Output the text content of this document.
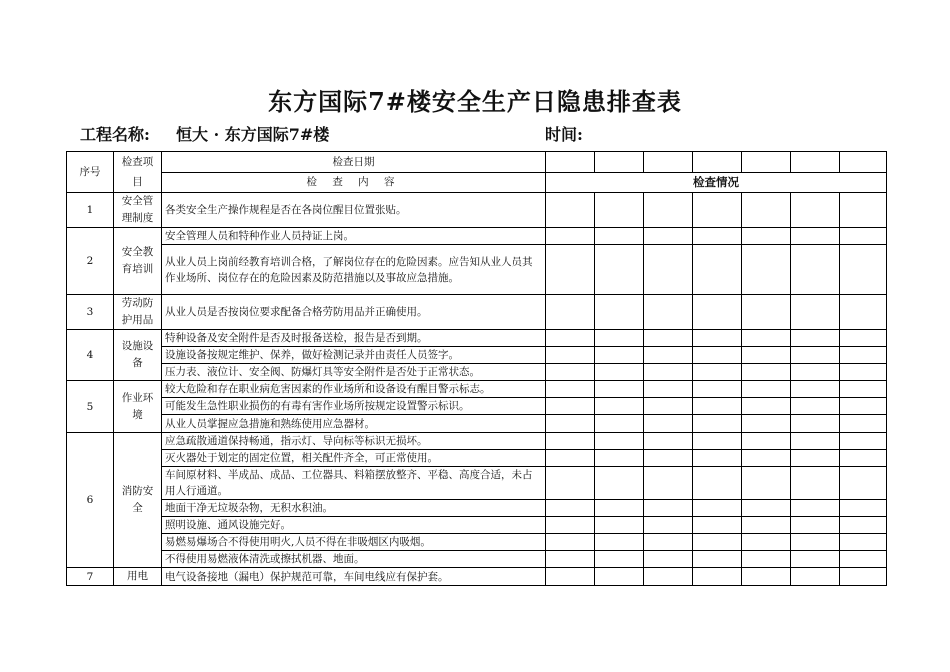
东方国际7#楼安全生产日隐患排查表
工程名称: 恒大 · 东方国际7#楼	时间:
序号	检查项目	检查日期							
		检 查 内 容	检查情况						
1	安全管理制度	各类安全生产操作规程是否在各岗位醒目位置张贴。							
2	安全教育培训	安全管理人员和特种作业人员持证上岗。							
		从业人员上岗前经教育培训合格，了解岗位存在的危险因素。应告知从业人员其作业场所、岗位存在的危险因素及防范措施以及事故应急措施。							
3	劳动防护用品	从业人员是否按岗位要求配备合格劳防用品并正确使用。							
4	设施设备	特种设备及安全附件是否及时报备送检，报告是否到期。							
		设施设备按规定维护、保养，做好检测记录并由责任人员签字。							
		压力表、液位计、安全阀、防爆灯具等安全附件是否处于正常状态。							
5	作业环境	较大危险和存在职业病危害因素的作业场所和设备设有醒目警示标志。							
		可能发生急性职业损伤的有毒有害作业场所按规定设置警示标识。							
		从业人员掌握应急措施和熟练使用应急器材。							
6	消防安全	应急疏散通道保持畅通，指示灯、导向标等标识无损坏。							
		灭火器处于划定的固定位置，相关配件齐全，可正常使用。							
		车间原材料、半成品、成品、工位器具、料箱摆放整齐、平稳、高度合适，未占用人行通道。							
		地面干净无垃圾杂物，无积水积油。							
		照明设施、通风设施完好。							
		易燃易爆场合不得使用明火,人员不得在非吸烟区内吸烟。							
		不得使用易燃液体清洗或擦拭机器、地面。							
7	用电	电气设备接地（漏电）保护规范可靠，车间电线应有保护套。							
